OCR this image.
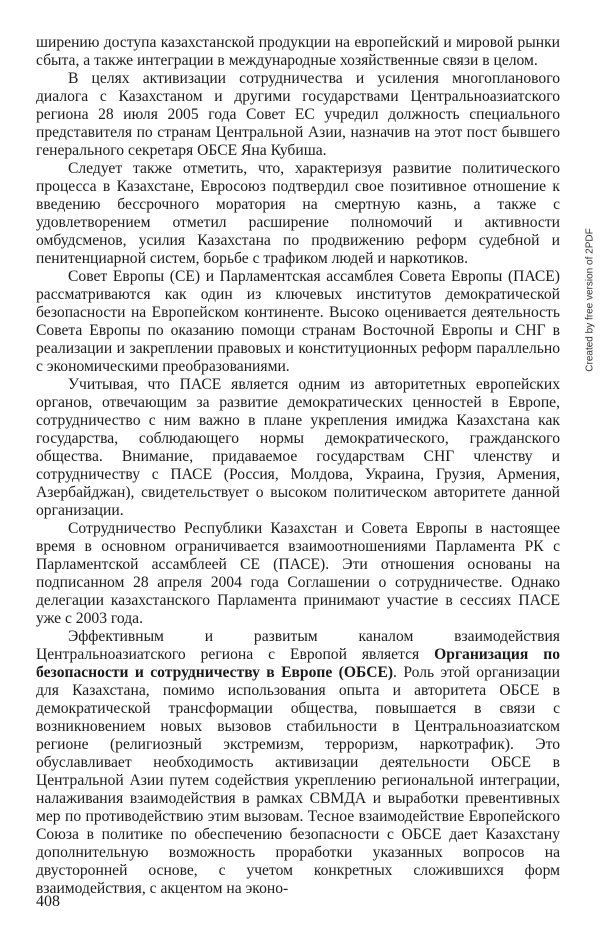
ширению доступа казахстанской продукции на европейский и мировой рынки сбыта, а также интеграции в международные хозяйственные связи в целом.

В целях активизации сотрудничества и усиления многопланового диалога с Казахстаном и другими государствами Центральноазиатского региона 28 июля 2005 года Совет ЕС учредил должность специального представителя по странам Центральной Азии, назначив на этот пост бывшего генерального секретаря ОБСЕ Яна Кубиша.

Следует также отметить, что, характеризуя развитие политического процесса в Казахстане, Евросоюз подтвердил свое позитивное отношение к введению бессрочного моратория на смертную казнь, а также с удовлетворением отметил расширение полномочий и активности омбудсменов, усилия Казахстана по продвижению реформ судебной и пенитенциарной систем, борьбе с трафиком людей и наркотиков.

Совет Европы (СЕ) и Парламентская ассамблея Совета Европы (ПАСЕ) рассматриваются как один из ключевых институтов демократической безопасности на Европейском континенте. Высоко оценивается деятельность Совета Европы по оказанию помощи странам Восточной Европы и СНГ в реализации и закреплении правовых и конституционных реформ параллельно с экономическими преобразованиями.

Учитывая, что ПАСЕ является одним из авторитетных европейских органов, отвечающим за развитие демократических ценностей в Европе, сотрудничество с ним важно в плане укрепления имиджа Казахстана как государства, соблюдающего нормы демократического, гражданского общества. Внимание, придаваемое государствам СНГ членству и сотрудничеству с ПАСЕ (Россия, Молдова, Украина, Грузия, Армения, Азербайджан), свидетельствует о высоком политическом авторитете данной организации.

Сотрудничество Республики Казахстан и Совета Европы в настоящее время в основном ограничивается взаимоотношениями Парламента РК с Парламентской ассамблеей СЕ (ПАСЕ). Эти отношения основаны на подписанном 28 апреля 2004 года Соглашении о сотрудничестве. Однако делегации казахстанского Парламента принимают участие в сессиях ПАСЕ уже с 2003 года.

Эффективным и развитым каналом взаимодействия Центральноазиатского региона с Европой является Организация по безопасности и сотрудничеству в Европе (ОБСЕ). Роль этой организации для Казахстана, помимо использования опыта и авторитета ОБСЕ в демократической трансформации общества, повышается в связи с возникновением новых вызовов стабильности в Центральноазиатском регионе (религиозный экстремизм, терроризм, наркотрафик). Это обуславливает необходимость активизации деятельности ОБСЕ в Центральной Азии путем содействия укреплению региональной интеграции, налаживания взаимодействия в рамках СВМДА и выработки превентивных мер по противодействию этим вызовам. Тесное взаимодействие Европейского Союза в политике по обеспечению безопасности с ОБСЕ дает Казахстану дополнительную возможность проработки указанных вопросов на двусторонней основе, с учетом конкретных сложившихся форм взаимодействия, с акцентом на эконо-

Created by free version of 2PDF
408
